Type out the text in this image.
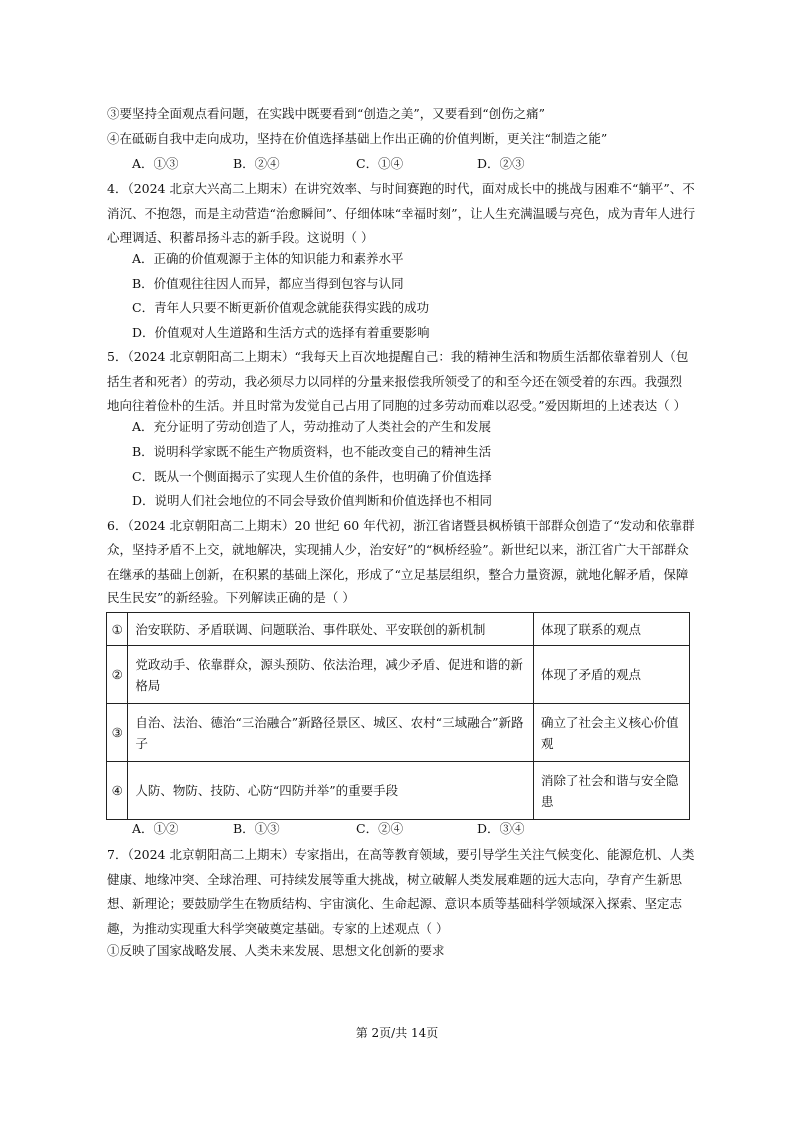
③要坚持全面观点看问题，在实践中既要看到“创造之美”，又要看到“创伤之痛”
④在砥砺自我中走向成功，坚持在价值选择基础上作出正确的价值判断，更关注“制造之能”
A．①③	B．②④	C．①④	D．②③
4．（2024 北京大兴高二上期末）在讲究效率、与时间赛跑的时代，面对成长中的挑战与困难不“躺平”、不
消沉、不抱怨，而是主动营造“治愈瞬间”、仔细体味“幸福时刻”，让人生充满温暖与亮色，成为青年人进行
心理调适、积蓄昂扬斗志的新手段。这说明（ ）
A．正确的价值观源于主体的知识能力和素养水平
B．价值观往往因人而异，都应当得到包容与认同
C．青年人只要不断更新价值观念就能获得实践的成功
D．价值观对人生道路和生活方式的选择有着重要影响
5．（2024 北京朝阳高二上期末）“我每天上百次地提醒自己：我的精神生活和物质生活都依靠着别人（包
括生者和死者）的劳动，我必须尽力以同样的分量来报偿我所领受了的和至今还在领受着的东西。我强烈
地向往着俭朴的生活。并且时常为发觉自己占用了同胞的过多劳动而难以忍受。”爱因斯坦的上述表达（ ）
A．充分证明了劳动创造了人，劳动推动了人类社会的产生和发展
B．说明科学家既不能生产物质资料，也不能改变自己的精神生活
C．既从一个侧面揭示了实现人生价值的条件，也明确了价值选择
D．说明人们社会地位的不同会导致价值判断和价值选择也不相同
6．（2024 北京朝阳高二上期末）20 世纪 60 年代初，浙江省诸暨县枫桥镇干部群众创造了“发动和依靠群
众，坚持矛盾不上交，就地解决，实现捕人少，治安好”的“枫桥经验”。新世纪以来，浙江省广大干部群众
在继承的基础上创新，在积累的基础上深化，形成了“立足基层组织，整合力量资源，就地化解矛盾，保障
民生民安”的新经验。下列解读正确的是（ ）
①	治安联防、矛盾联调、问题联治、事件联处、平安联创的新机制	体现了联系的观点
②	党政动手、依靠群众，源头预防、依法治理，减少矛盾、促进和谐的新格局	体现了矛盾的观点
③	自治、法治、德治“三治融合”新路径景区、城区、农村“三域融合”新路子	确立了社会主义核心价值观
④	人防、物防、技防、心防“四防并举”的重要手段	消除了社会和谐与安全隐患
A．①②	B．①③	C．②④	D．③④
7．（2024 北京朝阳高二上期末）专家指出，在高等教育领域，要引导学生关注气候变化、能源危机、人类
健康、地缘冲突、全球治理、可持续发展等重大挑战，树立破解人类发展难题的远大志向，孕育产生新思
想、新理论；要鼓励学生在物质结构、宇宙演化、生命起源、意识本质等基础科学领域深入探索、坚定志
趣，为推动实现重大科学突破奠定基础。专家的上述观点（ ）
①反映了国家战略发展、人类未来发展、思想文化创新的要求
第 2页/共 14页
